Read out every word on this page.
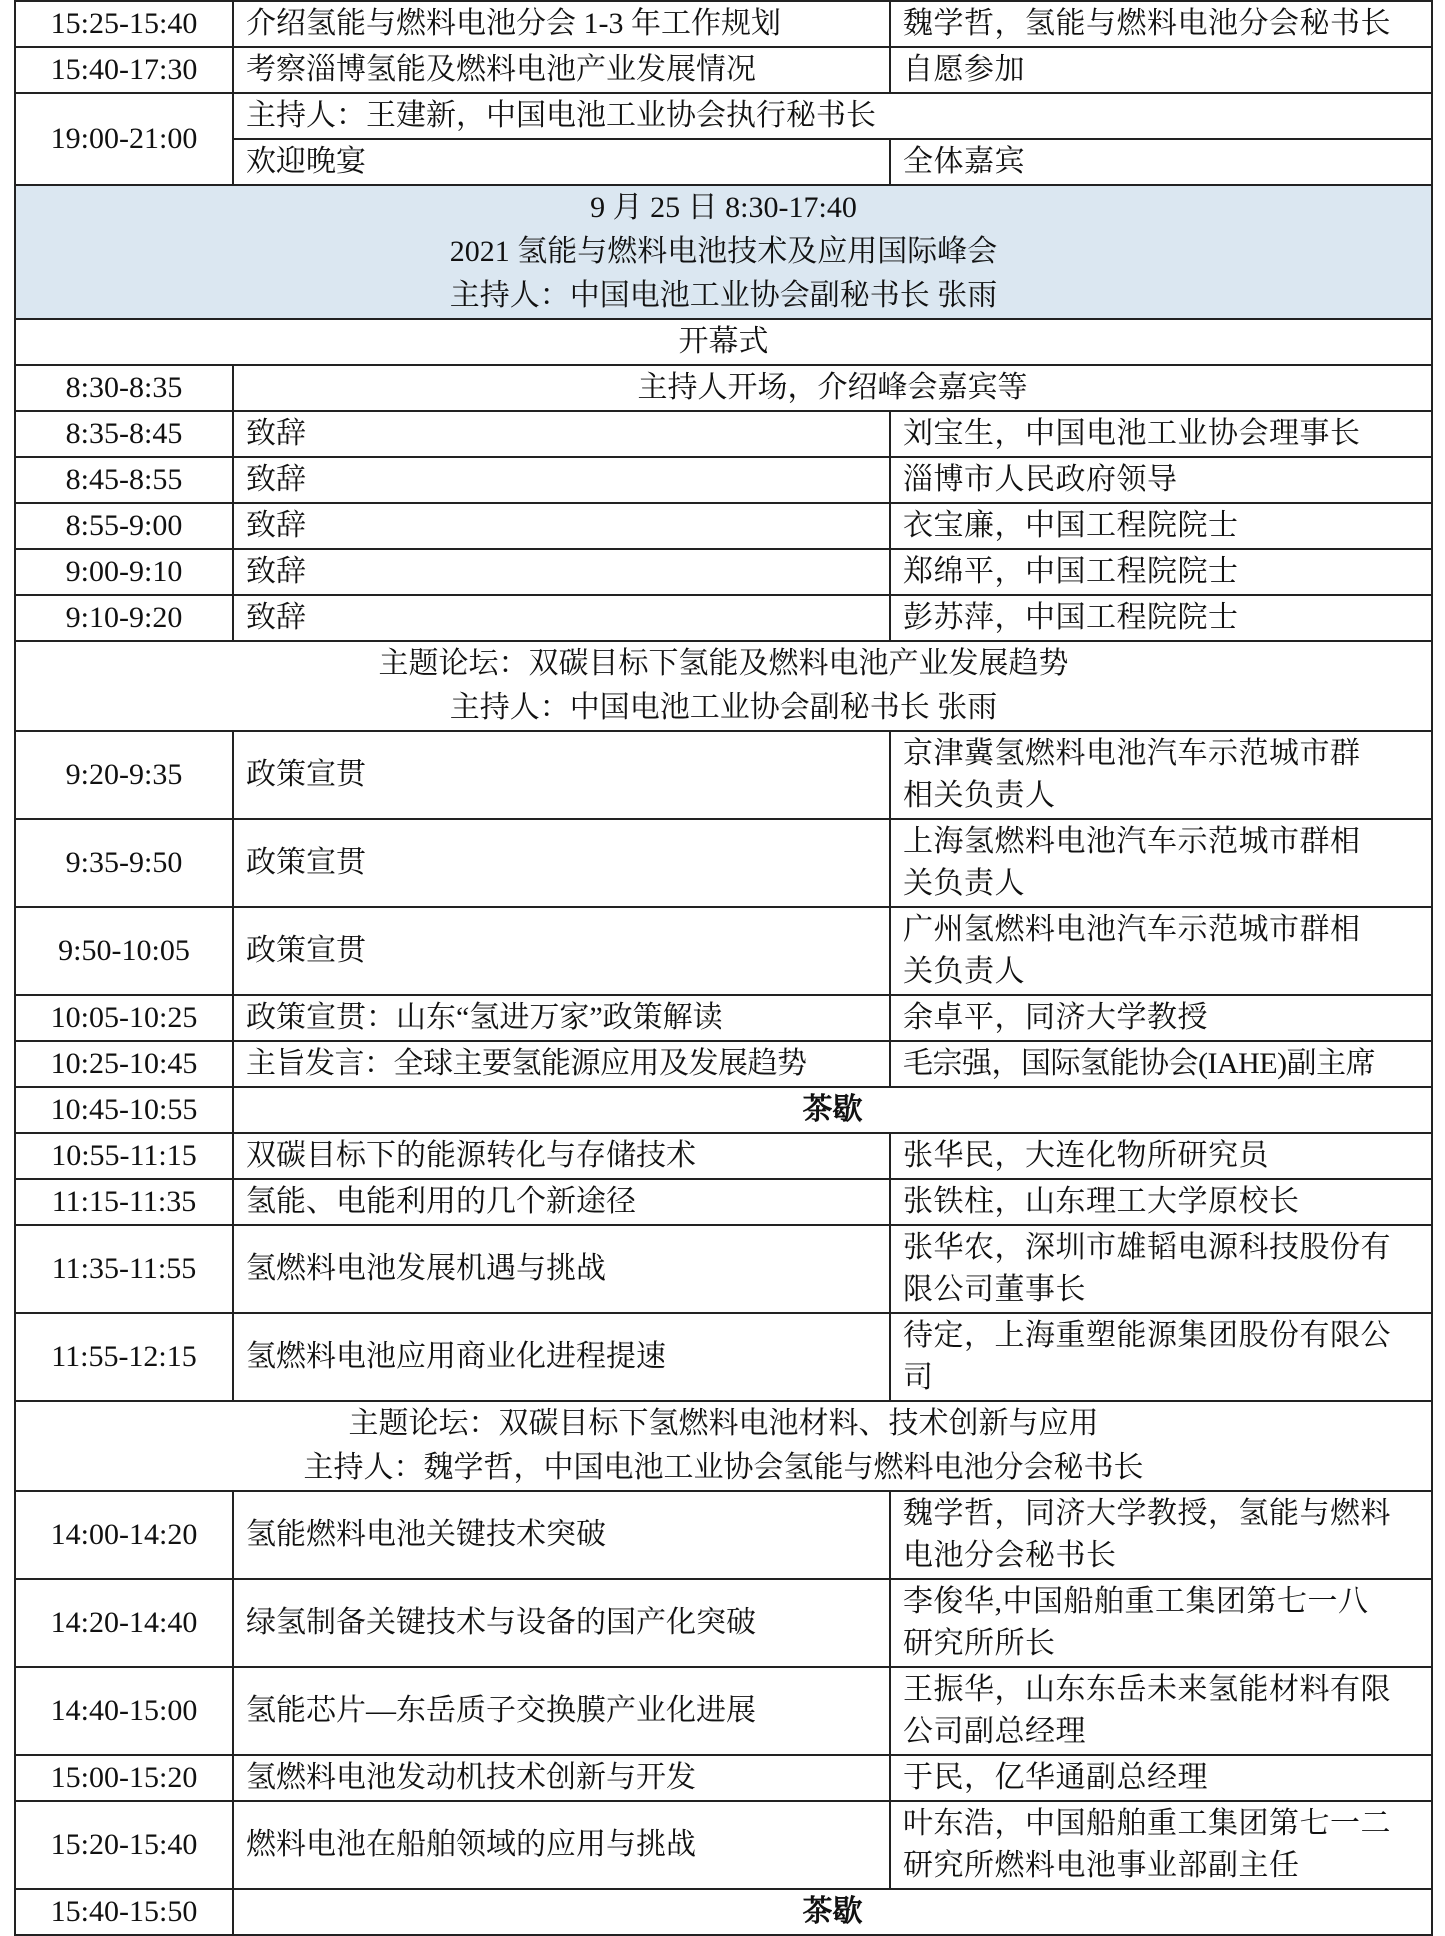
15:25-15:40	介绍氢能与燃料电池分会 1-3 年工作规划	魏学哲，氢能与燃料电池分会秘书长
15:40-17:30	考察淄博氢能及燃料电池产业发展情况	自愿参加
19:00-21:00	主持人：王建新，中国电池工业协会执行秘书长	
	欢迎晚宴	全体嘉宾

9 月 25 日 8:30-17:40
2021 氢能与燃料电池技术及应用国际峰会
主持人：中国电池工业协会副秘书长 张雨		

开幕式		
8:30-8:35	主持人开场，介绍峰会嘉宾等	
8:35-8:45	致辞	刘宝生，中国电池工业协会理事长
8:45-8:55	致辞	淄博市人民政府领导
8:55-9:00	致辞	衣宝廉，中国工程院院士
9:00-9:10	致辞	郑绵平，中国工程院院士
9:10-9:20	致辞	彭苏萍，中国工程院院士

主题论坛：双碳目标下氢能及燃料电池产业发展趋势
主持人：中国电池工业协会副秘书长 张雨		

9:20-9:35	政策宣贯	京津冀氢燃料电池汽车示范城市群
相关负责人

9:35-9:50	政策宣贯	上海氢燃料电池汽车示范城市群相
关负责人

9:50-10:05	政策宣贯	广州氢燃料电池汽车示范城市群相
关负责人

10:05-10:25	政策宣贯：山东“氢进万家”政策解读	余卓平，同济大学教授
10:25-10:45	主旨发言：全球主要氢能源应用及发展趋势	毛宗强，国际氢能协会(IAHE)副主席
10:45-10:55	茶歇	
10:55-11:15	双碳目标下的能源转化与存储技术	张华民，大连化物所研究员
11:15-11:35	氢能、电能利用的几个新途径	张铁柱，山东理工大学原校长
11:35-11:55	氢燃料电池发展机遇与挑战	张华农，深圳市雄韬电源科技股份有
限公司董事长

11:55-12:15	氢燃料电池应用商业化进程提速	待定，上海重塑能源集团股份有限公
司

主题论坛：双碳目标下氢燃料电池材料、技术创新与应用
主持人：魏学哲，中国电池工业协会氢能与燃料电池分会秘书长		

14:00-14:20	氢能燃料电池关键技术突破	魏学哲，同济大学教授，氢能与燃料
电池分会秘书长

14:20-14:40	绿氢制备关键技术与设备的国产化突破	李俊华,中国船舶重工集团第七一八
研究所所长

14:40-15:00	氢能芯片—东岳质子交换膜产业化进展	王振华，山东东岳未来氢能材料有限
公司副总经理

15:00-15:20	氢燃料电池发动机技术创新与开发	于民，亿华通副总经理
15:20-15:40	燃料电池在船舶领域的应用与挑战	叶东浩，中国船舶重工集团第七一二
研究所燃料电池事业部副主任

15:40-15:50	茶歇	
